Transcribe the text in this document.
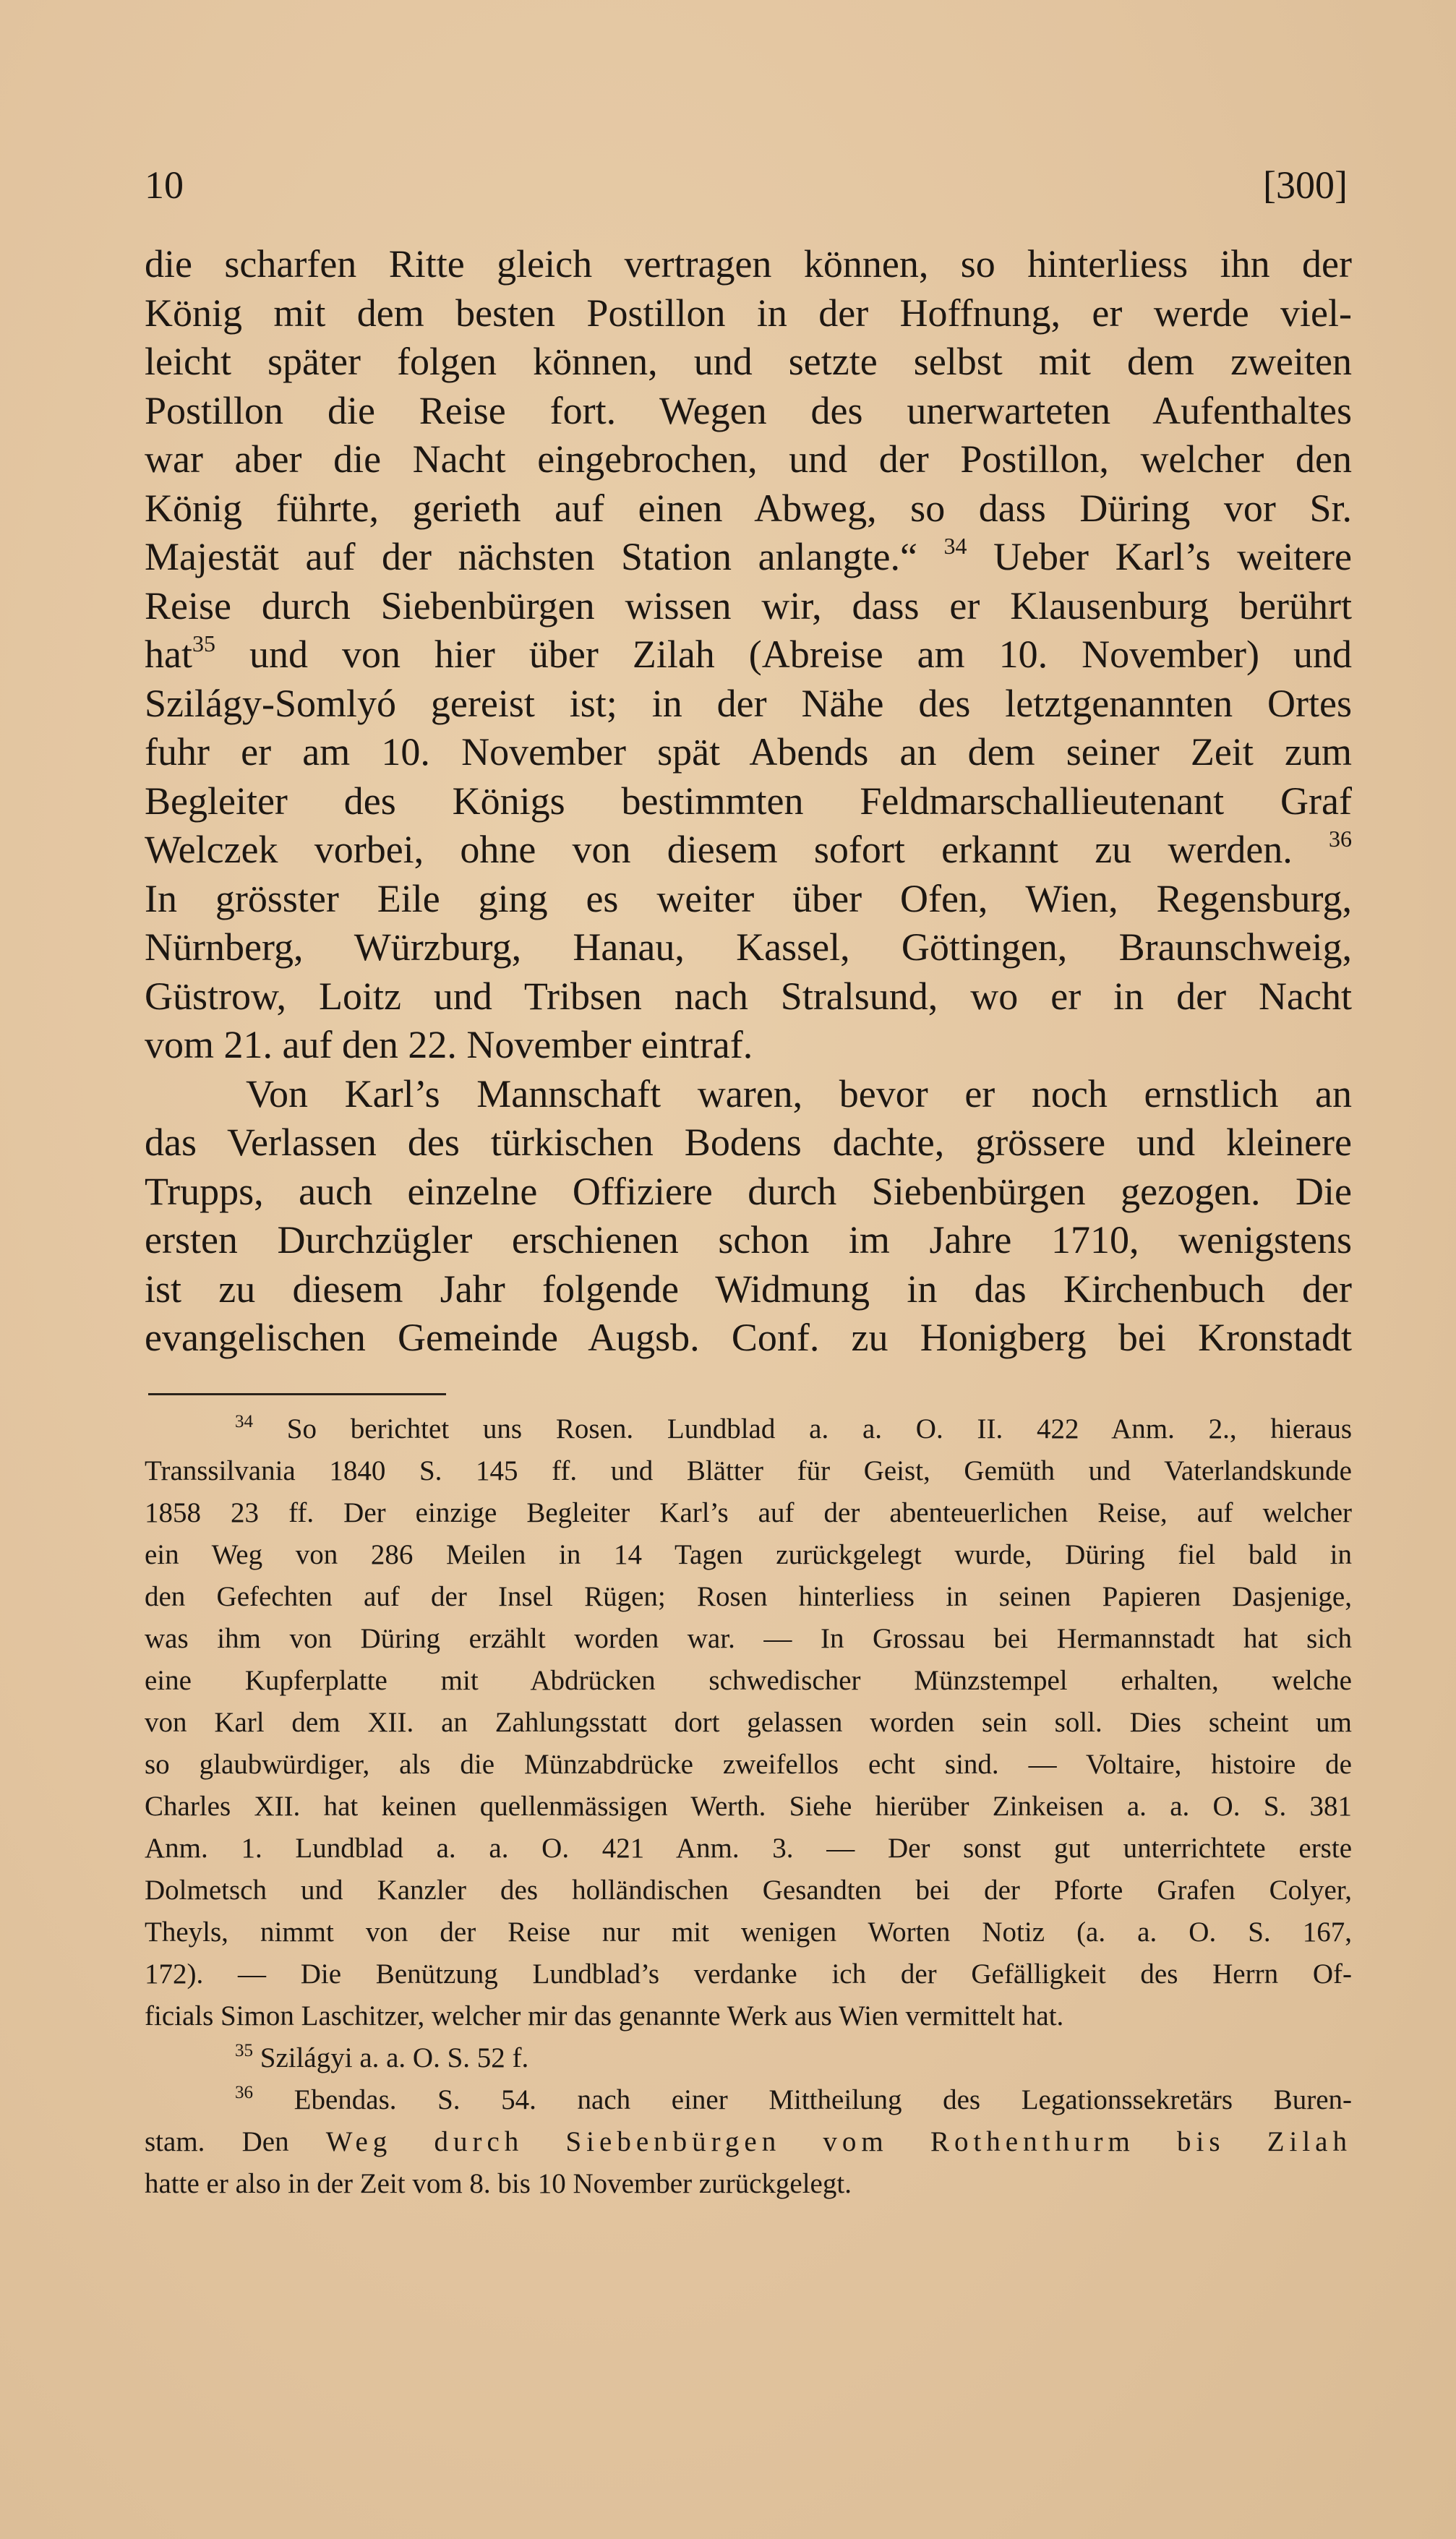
10	[300]
die scharfen Ritte gleich vertragen können, so hinterliess ihn der
König mit dem besten Postillon in der Hoffnung, er werde viel-
leicht später folgen können, und setzte selbst mit dem zweiten
Postillon die Reise fort. Wegen des unerwarteten Aufenthaltes
war aber die Nacht eingebrochen, und der Postillon, welcher den
König führte, gerieth auf einen Abweg, so dass Düring vor Sr.
Majestät auf der nächsten Station anlangte.“ $^{34}$ Ueber Karl’s weitere
Reise durch Siebenbürgen wissen wir, dass er Klausenburg berührt
hat$^{35}$ und von hier über Zilah (Abreise am 10. November) und
Szilágy-Somlyó gereist ist; in der Nähe des letztgenannten Ortes
fuhr er am 10. November spät Abends an dem seiner Zeit zum
Begleiter des Königs bestimmten Feldmarschallieutenant Graf
Welczek vorbei, ohne von diesem sofort erkannt zu werden. $^{36}$
In grösster Eile ging es weiter über Ofen, Wien, Regensburg,
Nürnberg, Würzburg, Hanau, Kassel, Göttingen, Braunschweig,
Güstrow, Loitz und Tribsen nach Stralsund, wo er in der Nacht
vom 21. auf den 22. November eintraf.
Von Karl’s Mannschaft waren, bevor er noch ernstlich an
das Verlassen des türkischen Bodens dachte, grössere und kleinere
Trupps, auch einzelne Offiziere durch Siebenbürgen gezogen. Die
ersten Durchzügler erschienen schon im Jahre 1710, wenigstens
ist zu diesem Jahr folgende Widmung in das Kirchenbuch der
evangelischen Gemeinde Augsb. Conf. zu Honigberg bei Kronstadt
$^{34}$ So berichtet uns Rosen. Lundblad a. a. O. II. 422 Anm. 2., hieraus
Transsilvania 1840 S. 145 ff. und Blätter für Geist, Gemüth und Vaterlandskunde
1858 23 ff. Der einzige Begleiter Karl’s auf der abenteuerlichen Reise, auf welcher
ein Weg von 286 Meilen in 14 Tagen zurückgelegt wurde, Düring fiel bald in
den Gefechten auf der Insel Rügen; Rosen hinterliess in seinen Papieren Dasjenige,
was ihm von Düring erzählt worden war. — In Grossau bei Hermannstadt hat sich
eine Kupferplatte mit Abdrücken schwedischer Münzstempel erhalten, welche
von Karl dem XII. an Zahlungsstatt dort gelassen worden sein soll. Dies scheint um
so glaubwürdiger, als die Münzabdrücke zweifellos echt sind. — Voltaire, histoire de
Charles XII. hat keinen quellenmässigen Werth. Siehe hierüber Zinkeisen a. a. O. S. 381
Anm. 1. Lundblad a. a. O. 421 Anm. 3. — Der sonst gut unterrichtete erste
Dolmetsch und Kanzler des holländischen Gesandten bei der Pforte Grafen Colyer,
Theyls, nimmt von der Reise nur mit wenigen Worten Notiz (a. a. O. S. 167,
172). — Die Benützung Lundblad’s verdanke ich der Gefälligkeit des Herrn Of-
ficials Simon Laschitzer, welcher mir das genannte Werk aus Wien vermittelt hat.
$^{35}$ Szilágyi a. a. O. S. 52 f.
$^{36}$ Ebendas. S. 54. nach einer Mittheilung des Legationssekretärs Buren-
stam. Den Weg durch Siebenbürgen vom Rothenthurm bis Zilah
hatte er also in der Zeit vom 8. bis 10 November zurückgelegt.
